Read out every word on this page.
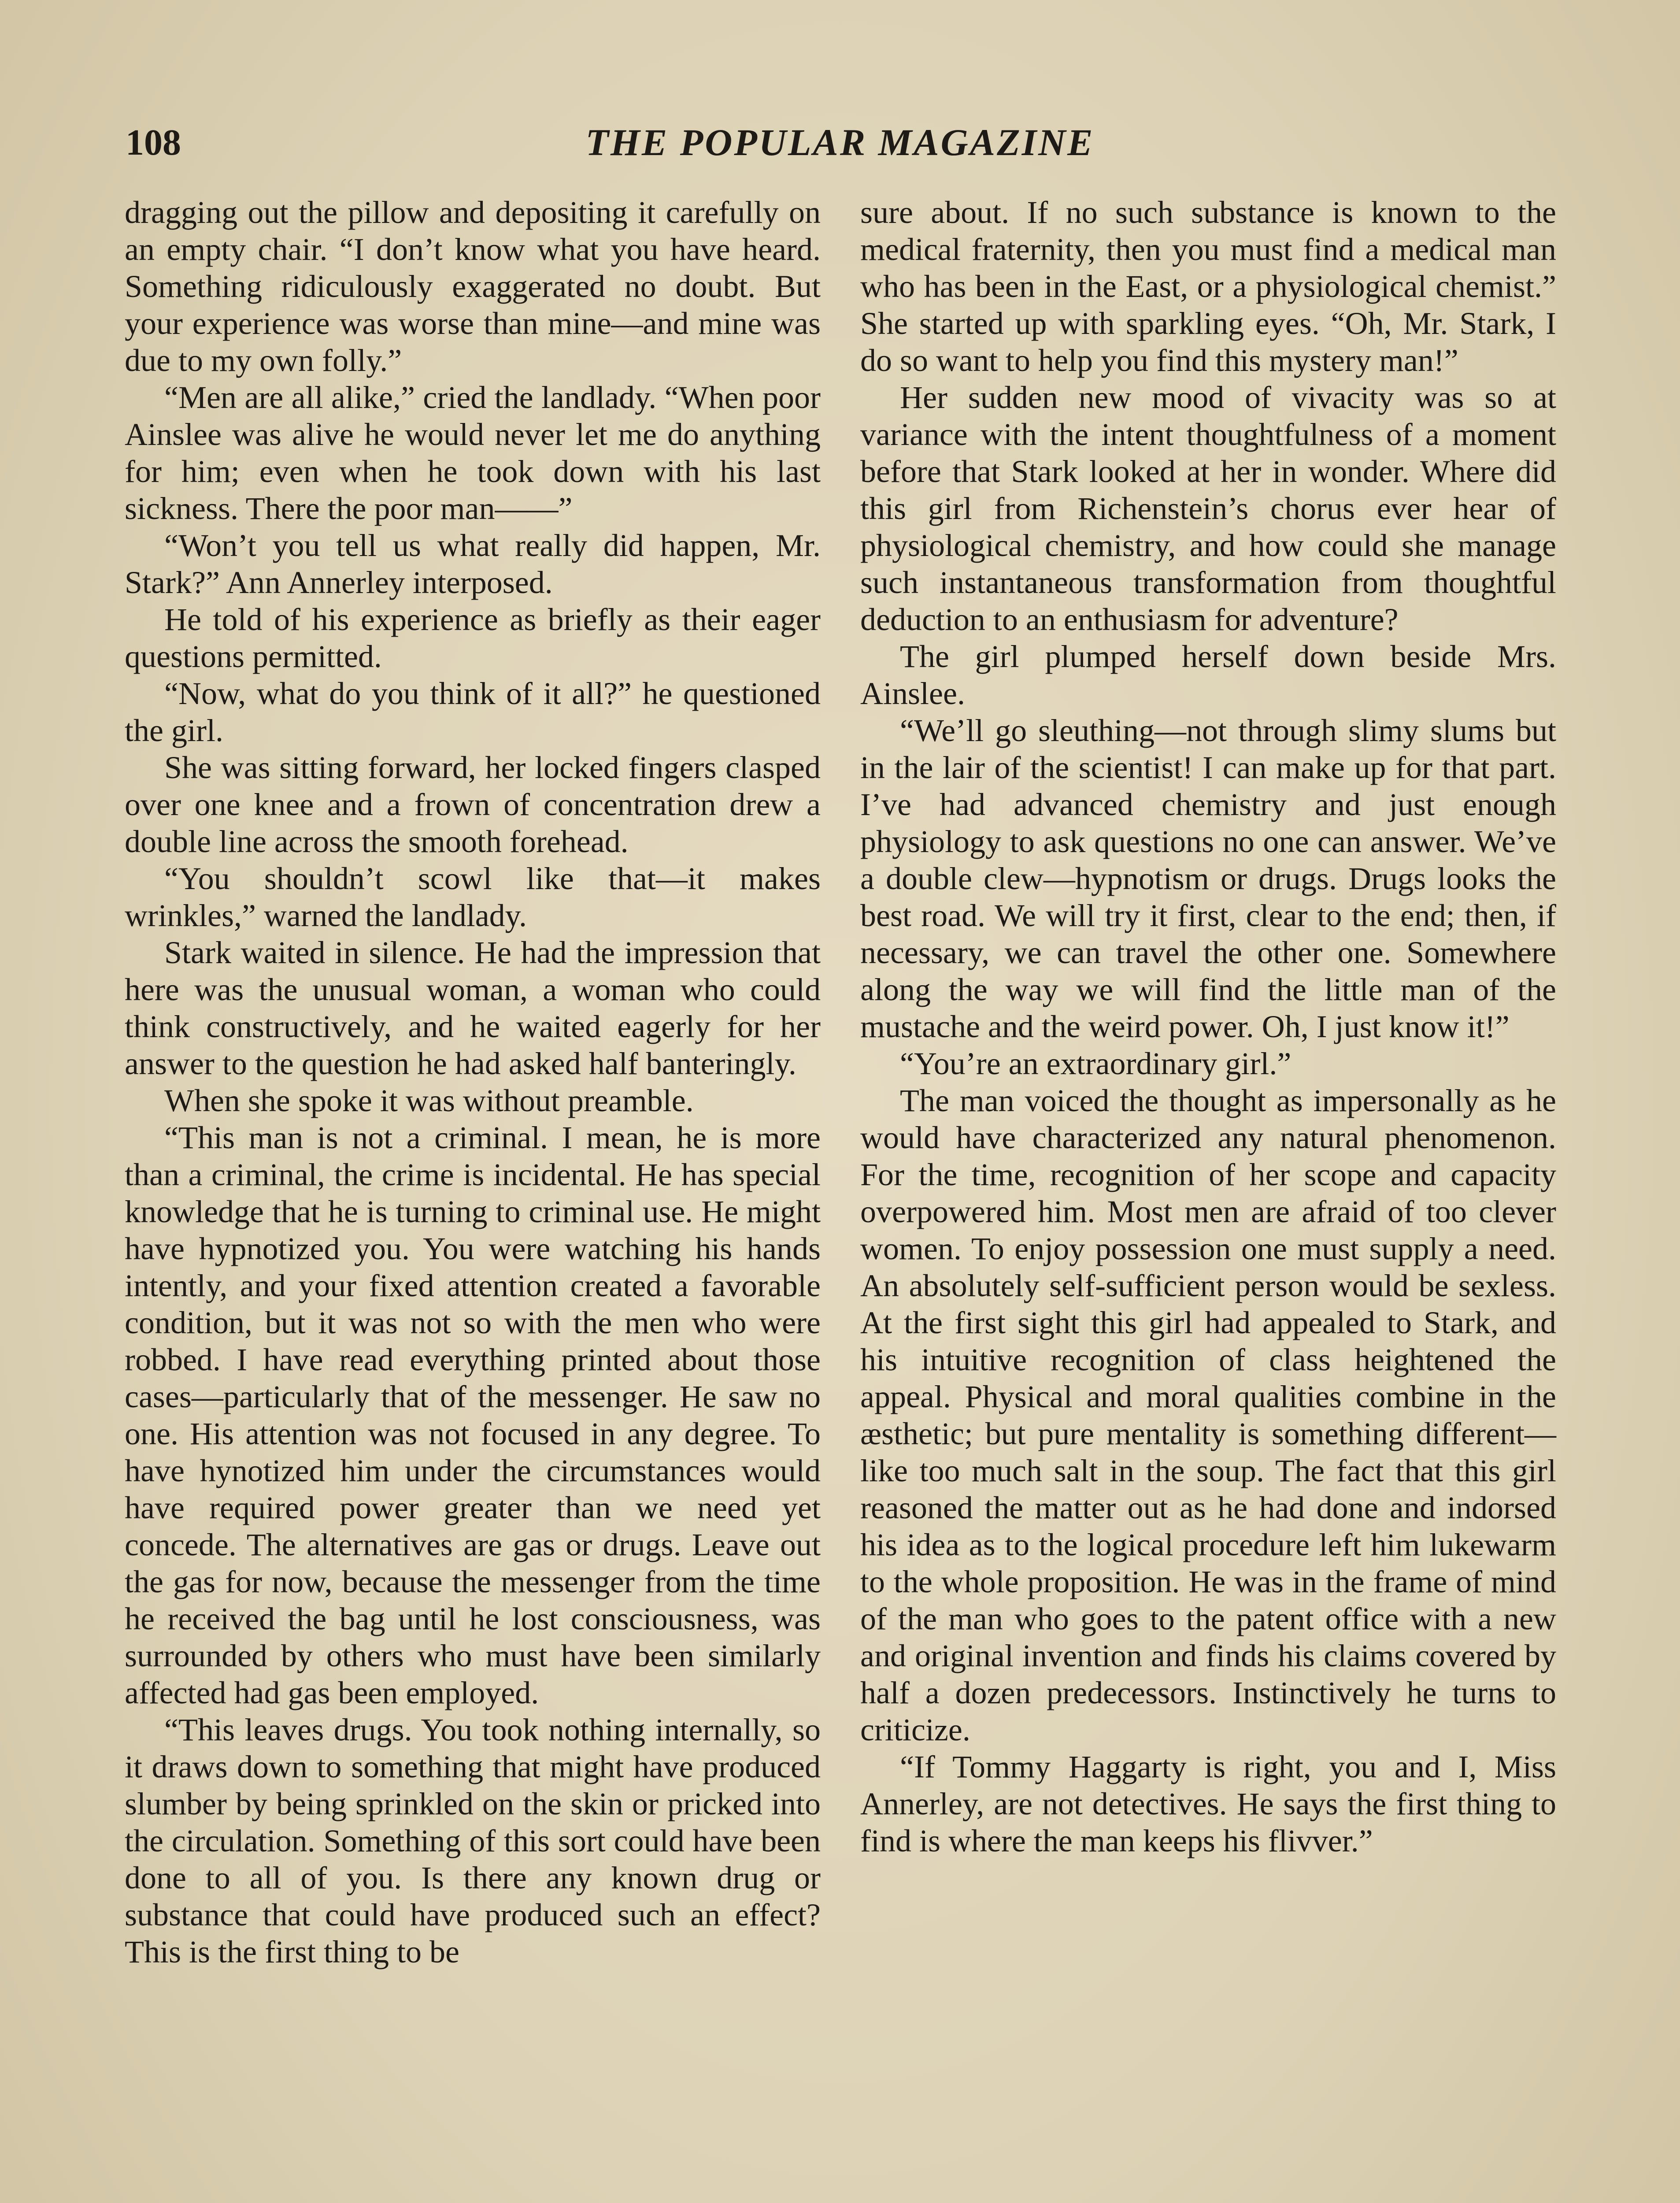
108	THE POPULAR MAGAZINE

dragging out the pillow and depositing it carefully on an empty chair. “I don’t know what you have heard. Something ridiculously exaggerated no doubt. But your experience was worse than mine—and mine was due to my own folly.”

“Men are all alike,” cried the landlady. “When poor Ainslee was alive he would never let me do anything for him; even when he took down with his last sickness. There the poor man——”

“Won’t you tell us what really did happen, Mr. Stark?” Ann Annerley interposed.

He told of his experience as briefly as their eager questions permitted.

“Now, what do you think of it all?” he questioned the girl.

She was sitting forward, her locked fingers clasped over one knee and a frown of concentration drew a double line across the smooth forehead.

“You shouldn’t scowl like that—it makes wrinkles,” warned the landlady.

Stark waited in silence. He had the impression that here was the unusual woman, a woman who could think constructively, and he waited eagerly for her answer to the question he had asked half banteringly.

When she spoke it was without preamble.

“This man is not a criminal. I mean, he is more than a criminal, the crime is incidental. He has special knowledge that he is turning to criminal use. He might have hypnotized you. You were watching his hands intently, and your fixed attention created a favorable condition, but it was not so with the men who were robbed. I have read everything printed about those cases—particularly that of the messenger. He saw no one. His attention was not focused in any degree. To have hynotized him under the circumstances would have required power greater than we need yet concede. The alternatives are gas or drugs. Leave out the gas for now, because the messenger from the time he received the bag until he lost consciousness, was surrounded by others who must have been similarly affected had gas been employed.

“This leaves drugs. You took nothing internally, so it draws down to something that might have produced slumber by being sprinkled on the skin or pricked into the circulation. Something of this sort could have been done to all of you. Is there any known drug or substance that could have produced such an effect? This is the first thing to be

sure about. If no such substance is known to the medical fraternity, then you must find a medical man who has been in the East, or a physiological chemist.” She started up with sparkling eyes. “Oh, Mr. Stark, I do so want to help you find this mystery man!”

Her sudden new mood of vivacity was so at variance with the intent thoughtfulness of a moment before that Stark looked at her in wonder. Where did this girl from Richenstein’s chorus ever hear of physiological chemistry, and how could she manage such instantaneous transformation from thoughtful deduction to an enthusiasm for adventure?

The girl plumped herself down beside Mrs. Ainslee.

“We’ll go sleuthing—not through slimy slums but in the lair of the scientist! I can make up for that part. I’ve had advanced chemistry and just enough physiology to ask questions no one can answer. We’ve a double clew—hypnotism or drugs. Drugs looks the best road. We will try it first, clear to the end; then, if necessary, we can travel the other one. Somewhere along the way we will find the little man of the mustache and the weird power. Oh, I just know it!”

“You’re an extraordinary girl.”

The man voiced the thought as impersonally as he would have characterized any natural phenomenon. For the time, recognition of her scope and capacity overpowered him. Most men are afraid of too clever women. To enjoy possession one must supply a need. An absolutely self-sufficient person would be sexless. At the first sight this girl had appealed to Stark, and his intuitive recognition of class heightened the appeal. Physical and moral qualities combine in the æsthetic; but pure mentality is something different—like too much salt in the soup. The fact that this girl reasoned the matter out as he had done and indorsed his idea as to the logical procedure left him lukewarm to the whole proposition. He was in the frame of mind of the man who goes to the patent office with a new and original invention and finds his claims covered by half a dozen predecessors. Instinctively he turns to criticize.

“If Tommy Haggarty is right, you and I, Miss Annerley, are not detectives. He says the first thing to find is where the man keeps his flivver.”
